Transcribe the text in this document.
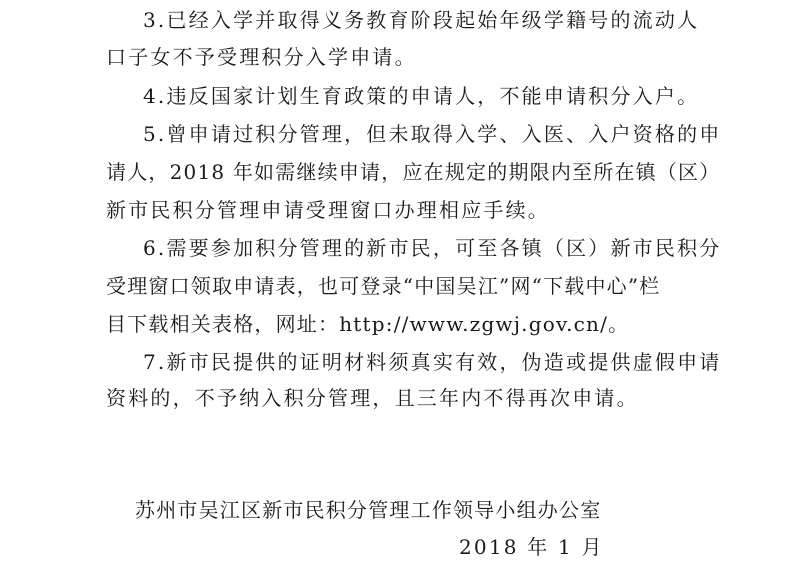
3.已经入学并取得义务教育阶段起始年级学籍号的流动人
口子女不予受理积分入学申请。
4.违反国家计划生育政策的申请人，不能申请积分入户。
5.曾申请过积分管理，但未取得入学、入医、入户资格的申
请人，2018 年如需继续申请，应在规定的期限内至所在镇（区）
新市民积分管理申请受理窗口办理相应手续。
6.需要参加积分管理的新市民，可至各镇（区）新市民积分
受理窗口领取申请表，也可登录“中国吴江”网“下载中心”栏
目下载相关表格，网址：http://www.zgwj.gov.cn/。
7.新市民提供的证明材料须真实有效，伪造或提供虚假申请
资料的，不予纳入积分管理，且三年内不得再次申请。
苏州市吴江区新市民积分管理工作领导小组办公室
2018 年 1 月
